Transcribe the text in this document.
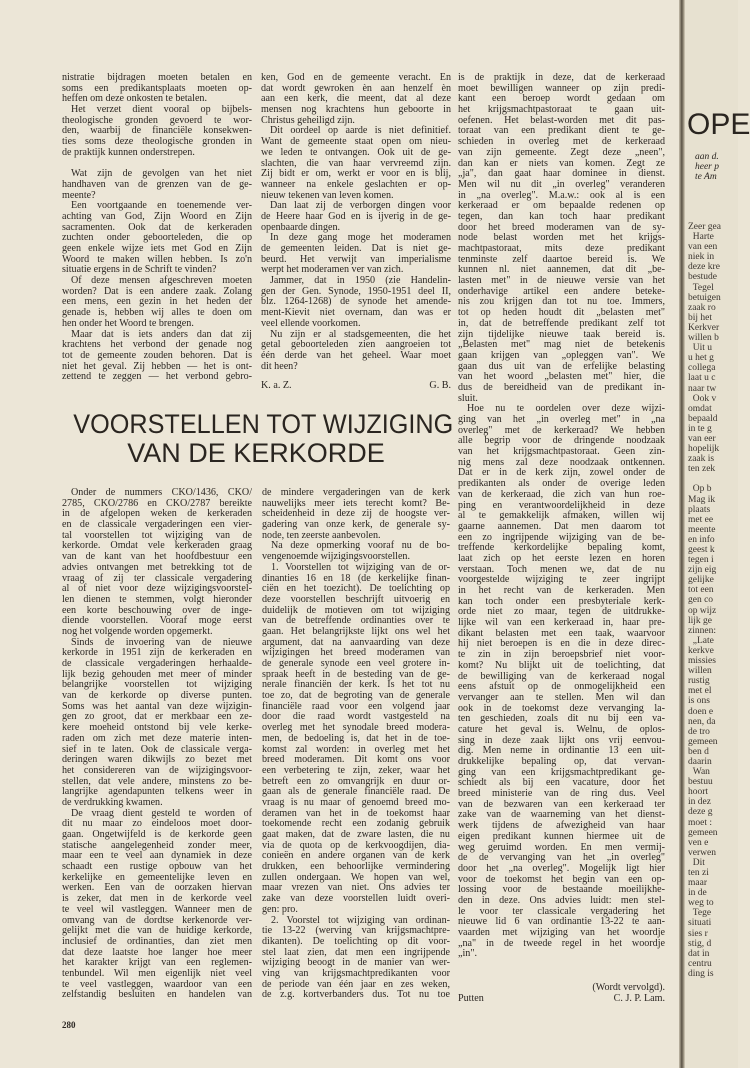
nistratie bijdragen moeten betalen en
soms een predikantsplaats moeten op-
heffen om deze onkosten te betalen.
Het verzet dient vooral op bijbels-
theologische gronden gevoerd te wor-
den, waarbij de financiële konsekwen-
ties soms deze theologische gronden in
de praktijk kunnen onderstrepen.
Wat zijn de gevolgen van het niet
handhaven van de grenzen van de ge-
meente?
Een voortgaande en toenemende ver-
achting van God, Zijn Woord en Zijn
sacramenten. Ook dat de kerkeraden
zuchten onder geboorteleden, die op
geen enkele wijze iets met God en Zijn
Woord te maken willen hebben. Is zo'n
situatie ergens in de Schrift te vinden?
Of deze mensen afgeschreven moeten
worden? Dat is een andere zaak. Zolang
een mens, een gezin in het heden der
genade is, hebben wij alles te doen om
hen onder het Woord te brengen.
Maar dat is iets anders dan dat zij
krachtens het verbond der genade nog
tot de gemeente zouden behoren. Dat is
niet het geval. Zij hebben — het is ont-
zettend te zeggen — het verbond gebro-
ken, God en de gemeente veracht. En
dat wordt gewroken èn aan henzelf èn
aan een kerk, die meent, dat al deze
mensen nog krachtens hun geboorte in
Christus geheiligd zijn.
Dit oordeel op aarde is niet definitief.
Want de gemeente staat open om nieu-
we leden te ontvangen. Ook uit de ge-
slachten, die van haar vervreemd zijn.
Zij bidt er om, werkt er voor en is blij,
wanneer na enkele geslachten er op-
nieuw tekenen van leven komen.
Dan laat zij de verborgen dingen voor
de Heere haar God en is ijverig in de ge-
openbaarde dingen.
In deze gang moge het moderamen
de gemeenten leiden. Dat is niet ge-
beurd. Het verwijt van imperialisme
werpt het moderamen ver van zich.
Jammer, dat in 1950 (zie Handelin-
gen der Gen. Synode, 1950-1951 deel II,
blz. 1264-1268) de synode het amende-
ment-Kievit niet overnam, dan was er
veel ellende voorkomen.
Nu zijn er al stadsgemeenten, die het
getal geboorteleden zien aangroeien tot
één derde van het geheel. Waar moet
dit heen?
K. a. Z.	G. B.
VOORSTELLEN TOT WIJZIGING
VAN DE KERKORDE
Onder de nummers CKO/1436, CKO/
2785, CKO/2786 en CKO/2787 bereikte
in de afgelopen weken de kerkeraden
en de classicale vergaderingen een vier-
tal voorstellen tot wijziging van de
kerkorde. Omdat vele kerkeraden graag
van de kant van het hoofdbestuur een
advies ontvangen met betrekking tot de
vraag of zij ter classicale vergadering
al of niet voor deze wijzigingsvoorstel-
len dienen te stemmen, volgt hieronder
een korte beschouwing over de inge-
diende voorstellen. Vooraf moge eerst
nog het volgende worden opgemerkt.
Sinds de invoering van de nieuwe
kerkorde in 1951 zijn de kerkeraden en
de classicale vergaderingen herhaalde-
lijk bezig gehouden met meer of minder
belangrijke voorstellen tot wijziging
van de kerkorde op diverse punten.
Soms was het aantal van deze wijzigin-
gen zo groot, dat er merkbaar een ze-
kere moeheid ontstond bij vele kerke-
raden om zich met deze materie inten-
sief in te laten. Ook de classicale verga-
deringen waren dikwijls zo bezet met
het considereren van de wijzigingsvoor-
stellen, dat vele andere, minstens zo be-
langrijke agendapunten telkens weer in
de verdrukking kwamen.
De vraag dient gesteld te worden of
dit nu maar zo eindeloos moet door-
gaan. Ongetwijfeld is de kerkorde geen
statische aangelegenheid zonder meer,
maar een te veel aan dynamiek in deze
schaadt een rustige opbouw van het
kerkelijke en gemeentelijke leven en
werken. Een van de oorzaken hiervan
is zeker, dat men in de kerkorde veel
te veel wil vastleggen. Wanneer men de
omvang van de dordtse kerkenorde ver-
gelijkt met die van de huidige kerkorde,
inclusief de ordinanties, dan ziet men
dat deze laatste hoe langer hoe meer
het karakter krijgt van een reglemen-
tenbundel. Wil men eigenlijk niet veel
te veel vastleggen, waardoor van een
zelfstandig besluiten en handelen van
de mindere vergaderingen van de kerk
nauwelijks meer iets terecht komt? Be-
scheidenheid in deze zij de hoogste ver-
gadering van onze kerk, de generale sy-
node, ten zeerste aanbevolen.
Na deze opmerking vooraf nu de bo-
vengenoemde wijzigingsvoorstellen.
1. Voorstellen tot wijziging van de or-
dinanties 16 en 18 (de kerkelijke finan-
ciën en het toezicht). De toelichting op
deze voorstellen beschrijft uitvoerig en
duidelijk de motieven om tot wijziging
van de betreffende ordinanties over te
gaan. Het belangrijkste lijkt ons wel het
argument, dat na aanvaarding van deze
wijzigingen het breed moderamen van
de generale synode een veel grotere in-
spraak heeft in de besteding van de ge-
nerale financiën der kerk. Is het tot nu
toe zo, dat de begroting van de generale
financiële raad voor een volgend jaar
door die raad wordt vastgesteld na
overleg met het synodale breed modera-
men, de bedoeling is, dat het in de toe-
komst zal worden: in overleg met het
breed moderamen. Dit komt ons voor
een verbetering te zijn, zeker, waar het
betreft een zo omvangrijk en duur or-
gaan als de generale financiële raad. De
vraag is nu maar of genoemd breed mo-
deramen van het in de toekomst haar
toekomende recht een zodanig gebruik
gaat maken, dat de zware lasten, die nu
via de quota op de kerkvoogdijen, dia-
conieën en andere organen van de kerk
drukken, een behoorlijke vermindering
zullen ondergaan. We hopen van wel,
maar vrezen van niet. Ons advies ter
zake van deze voorstellen luidt overi-
gen: pro.
2. Voorstel tot wijziging van ordinan-
tie 13-22 (werving van krijgsmachtpre-
dikanten). De toelichting op dit voor-
stel laat zien, dat men een ingrijpende
wijziging beoogt in de manier van wer-
ving van krijgsmachtpredikanten voor
de periode van één jaar en zes weken,
de z.g. kortverbanders dus. Tot nu toe
is de praktijk in deze, dat de kerkeraad
moet bewilligen wanneer op zijn predi-
kant een beroep wordt gedaan om
het krijgsmachtpastoraat te gaan uit-
oefenen. Het belast-worden met dit pas-
toraat van een predikant dient te ge-
schieden in overleg met de kerkeraad
van zijn gemeente. Zegt deze „neen",
dan kan er niets van komen. Zegt ze
„ja", dan gaat haar dominee in dienst.
Men wil nu dit „in overleg" veranderen
in „na overleg". M.a.w.: ook al is een
kerkeraad er om bepaalde redenen op
tegen, dan kan toch haar predikant
door het breed moderamen van de sy-
node belast worden met het krijgs-
machtpastoraat, mits deze predikant
tenminste zelf daartoe bereid is. We
kunnen nl. niet aannemen, dat dit „be-
lasten met" in de nieuwe versie van het
onderhavige artikel een andere beteke-
nis zou krijgen dan tot nu toe. Immers,
tot op heden houdt dit „belasten met"
in, dat de betreffende predikant zelf tot
zijn tijdelijke nieuwe taak bereid is.
„Belasten met" mag niet de betekenis
gaan krijgen van „opleggen van". We
gaan dus uit van de erfelijke belasting
van het woord „belasten met" hier, die
dus de bereidheid van de predikant in-
sluit.
Hoe nu te oordelen over deze wijzi-
ging van het „in overleg met" in „na
overleg" met de kerkeraad? We hebben
alle begrip voor de dringende noodzaak
van het krijgsmachtpastoraat. Geen zin-
nig mens zal deze noodzaak ontkennen.
Dat er in de kerk zijn, zowel onder de
predikanten als onder de overige leden
van de kerkeraad, die zich van hun roe-
ping en verantwoordelijkheid in deze
al te gemakkelijk afmaken, willen wij
gaarne aannemen. Dat men daarom tot
een zo ingrijpende wijziging van de be-
treffende kerkordelijke bepaling komt,
laat zich op het eerste lezen en horen
verstaan. Toch menen we, dat de nu
voorgestelde wijziging te zeer ingrijpt
in het recht van de kerkeraden. Men
kan toch onder een presbyteriale kerk-
orde niet zo maar, tegen de uitdrukke-
lijke wil van een kerkeraad in, haar pre-
dikant belasten met een taak, waarvoor
hij niet beroepen is en die in deze direc-
te zin in zijn beroepsbrief niet voor-
komt? Nu blijkt uit de toelichting, dat
de bewilliging van de kerkeraad nogal
eens afstuit op de onmogelijkheid een
vervanger aan te stellen. Men wil dan
ook in de toekomst deze vervanging la-
ten geschieden, zoals dit nu bij een va-
cature het geval is. Welnu, de oplos-
sing in deze zaak lijkt ons vrij eenvou-
dig. Men neme in ordinantie 13 een uit-
drukkelijke bepaling op, dat vervan-
ging van een krijgsmachtpredikant ge-
schiedt als bij een vacature, door het
breed ministerie van de ring dus. Veel
van de bezwaren van een kerkeraad ter
zake van de waarneming van het dienst-
werk tijdens de afwezigheid van haar
eigen predikant kunnen hiermee uit de
weg geruimd worden. En men vermij-
de de vervanging van het „in overleg"
door het „na overleg". Mogelijk ligt hier
voor de toekomst het begin van een op-
lossing voor de bestaande moeilijkhe-
den in deze. Ons advies luidt: men stel-
le voor ter classicale vergadering het
nieuwe lid 6 van ordinantie 13-22 te aan-
vaarden met wijziging van het woordje
„na" in de tweede regel in het woordje
„in".
(Wordt vervolgd).
Putten	C. J. P. Lam.
280
OPE
aan d.
heer p
te Am
Zeer gea
Harte
van een
niek in
deze kre
bestude
Tegel
betuigen
zaak ro
bij het
Kerkver
willen b
Uit u
u het g
collega
laat u c
naar tw
Ook v
omdat
bepaald
in te g
van eer
hopelijk
zaak is
ten zek
Op b
Mag ik
plaats
met ee
meente
en info
geest k
tegen i
zijn eig
gelijke
tot een
gen co
op wijz
lijk ge
zinnen:
„Late
kerkve
missies
willen
rustig
met el
is ons
doen e
nen, da
de tro
gemeen
ben d
daarin
Wan
bestuu
hoort
in dez
deze g
moet :
gemeen
ven e
verwen
Dit
ten zi
maar
in de
weg to
Tege
situati
sies r
stig, d
dat in
centru
ding is
